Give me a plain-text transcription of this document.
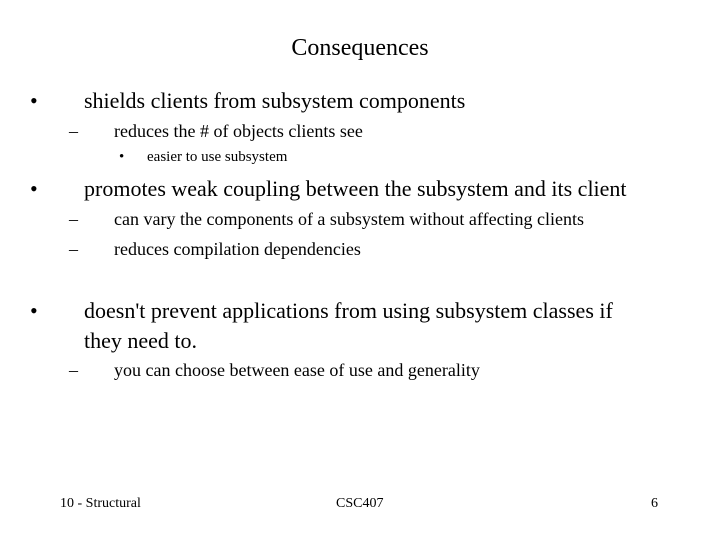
Consequences
• shields clients from subsystem components
– reduces the # of objects clients see
• easier to use subsystem
• promotes weak coupling between the subsystem and its client
– can vary the components of a subsystem without affecting clients
– reduces compilation dependencies
• doesn't prevent applications from using subsystem classes if
they need to.
– you can choose between ease of use and generality
10 - Structural	CSC407	6
